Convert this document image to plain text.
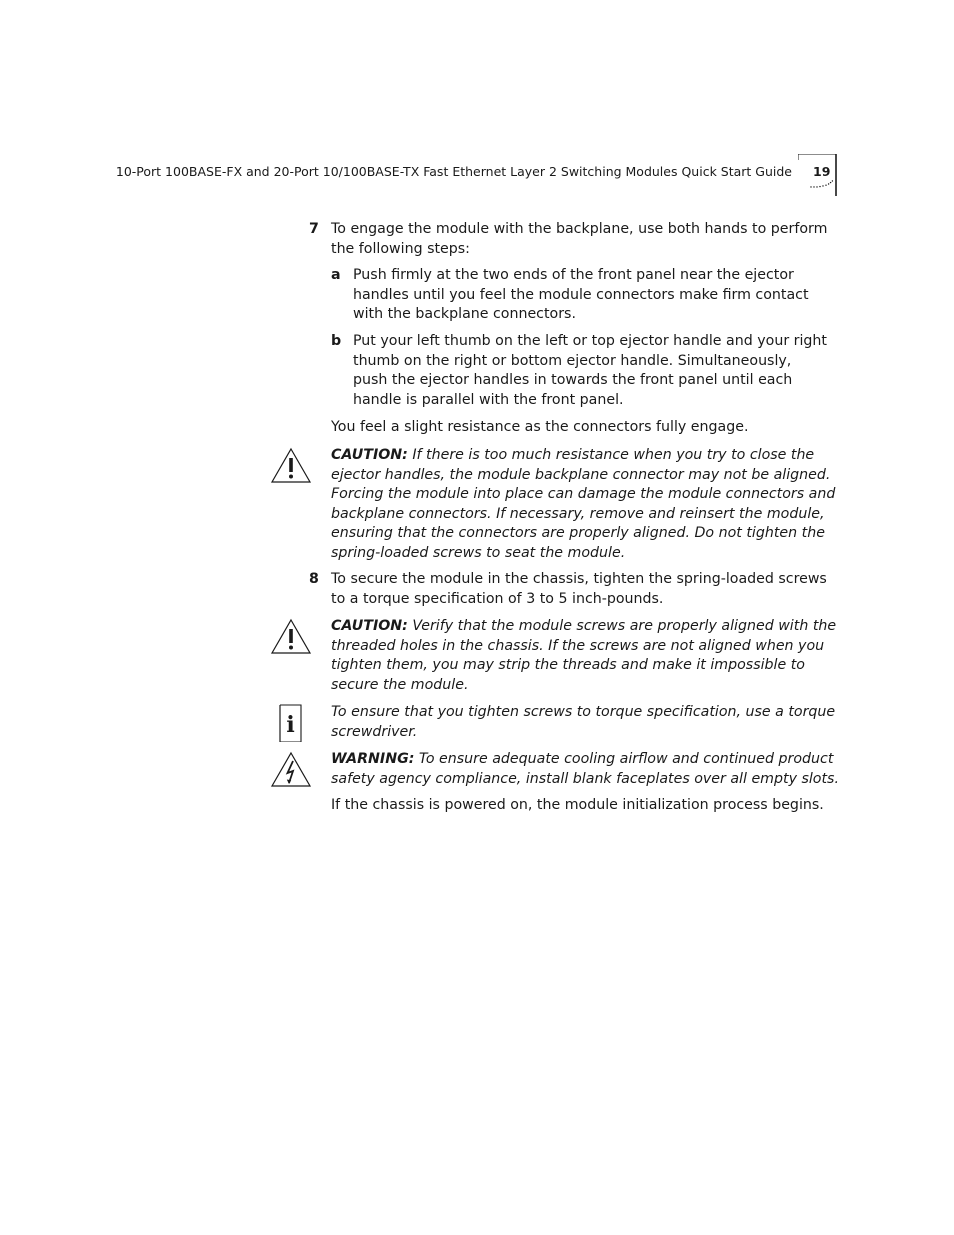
10-Port 100BASE-FX and 20-Port 10/100BASE-TX Fast Ethernet Layer 2 Switching Modules Quick Start Guide 19
7 To engage the module with the backplane, use both hands to perform the following steps:
a Push firmly at the two ends of the front panel near the ejector handles until you feel the module connectors make firm contact with the backplane connectors.
b Put your left thumb on the left or top ejector handle and your right thumb on the right or bottom ejector handle. Simultaneously, push the ejector handles in towards the front panel until each handle is parallel with the front panel.
You feel a slight resistance as the connectors fully engage.
CAUTION: If there is too much resistance when you try to close the ejector handles, the module backplane connector may not be aligned. Forcing the module into place can damage the module connectors and backplane connectors. If necessary, remove and reinsert the module, ensuring that the connectors are properly aligned. Do not tighten the spring-loaded screws to seat the module.
8 To secure the module in the chassis, tighten the spring-loaded screws to a torque specification of 3 to 5 inch-pounds.
CAUTION: Verify that the module screws are properly aligned with the threaded holes in the chassis. If the screws are not aligned when you tighten them, you may strip the threads and make it impossible to secure the module.
i	To ensure that you tighten screws to torque specification, use a torque screwdriver.
WARNING: To ensure adequate cooling airflow and continued product safety agency compliance, install blank faceplates over all empty slots.
If the chassis is powered on, the module initialization process begins.
